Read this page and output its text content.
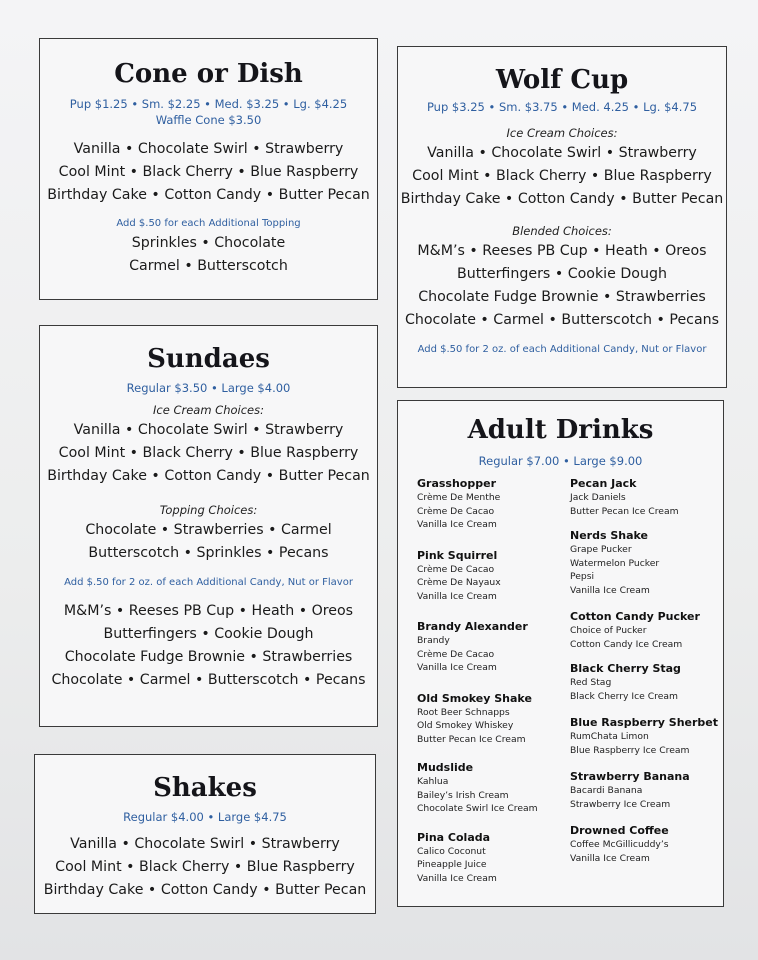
Cone or Dish
Pup $1.25 • Sm. $2.25 • Med. $3.25 • Lg. $4.25
Waffle Cone $3.50
Vanilla • Chocolate Swirl • Strawberry
Cool Mint • Black Cherry • Blue Raspberry
Birthday Cake • Cotton Candy • Butter Pecan
Add $.50 for each Additional Topping
Sprinkles • Chocolate
Carmel • Butterscotch
Wolf Cup
Pup $3.25 • Sm. $3.75 • Med. 4.25 • Lg. $4.75
Ice Cream Choices:
Vanilla • Chocolate Swirl • Strawberry
Cool Mint • Black Cherry • Blue Raspberry
Birthday Cake • Cotton Candy • Butter Pecan
Blended Choices:
M&M’s • Reeses PB Cup • Heath • Oreos
Butterfingers • Cookie Dough
Chocolate Fudge Brownie • Strawberries
Chocolate • Carmel • Butterscotch • Pecans
Add $.50 for 2 oz. of each Additional Candy, Nut or Flavor
Sundaes
Regular $3.50 • Large $4.00
Ice Cream Choices:
Vanilla • Chocolate Swirl • Strawberry
Cool Mint • Black Cherry • Blue Raspberry
Birthday Cake • Cotton Candy • Butter Pecan
Topping Choices:
Chocolate • Strawberries • Carmel
Butterscotch • Sprinkles • Pecans
Add $.50 for 2 oz. of each Additional Candy, Nut or Flavor
M&M’s • Reeses PB Cup • Heath • Oreos
Butterfingers • Cookie Dough
Chocolate Fudge Brownie • Strawberries
Chocolate • Carmel • Butterscotch • Pecans
Shakes
Regular $4.00 • Large $4.75
Vanilla • Chocolate Swirl • Strawberry
Cool Mint • Black Cherry • Blue Raspberry
Birthday Cake • Cotton Candy • Butter Pecan
Adult Drinks
Regular $7.00 • Large $9.00
Grasshopper
Crème De Menthe
Crème De Cacao
Vanilla Ice Cream
Pink Squirrel
Crème De Cacao
Crème De Nayaux
Vanilla Ice Cream
Brandy Alexander
Brandy
Crème De Cacao
Vanilla Ice Cream
Old Smokey Shake
Root Beer Schnapps
Old Smokey Whiskey
Butter Pecan Ice Cream
Mudslide
Kahlua
Bailey’s Irish Cream
Chocolate Swirl Ice Cream
Pina Colada
Calico Coconut
Pineapple Juice
Vanilla Ice Cream
Pecan Jack
Jack Daniels
Butter Pecan Ice Cream
Nerds Shake
Grape Pucker
Watermelon Pucker
Pepsi
Vanilla Ice Cream
Cotton Candy Pucker
Choice of Pucker
Cotton Candy Ice Cream
Black Cherry Stag
Red Stag
Black Cherry Ice Cream
Blue Raspberry Sherbet
RumChata Limon
Blue Raspberry Ice Cream
Strawberry Banana
Bacardi Banana
Strawberry Ice Cream
Drowned Coffee
Coffee McGillicuddy’s
Vanilla Ice Cream
